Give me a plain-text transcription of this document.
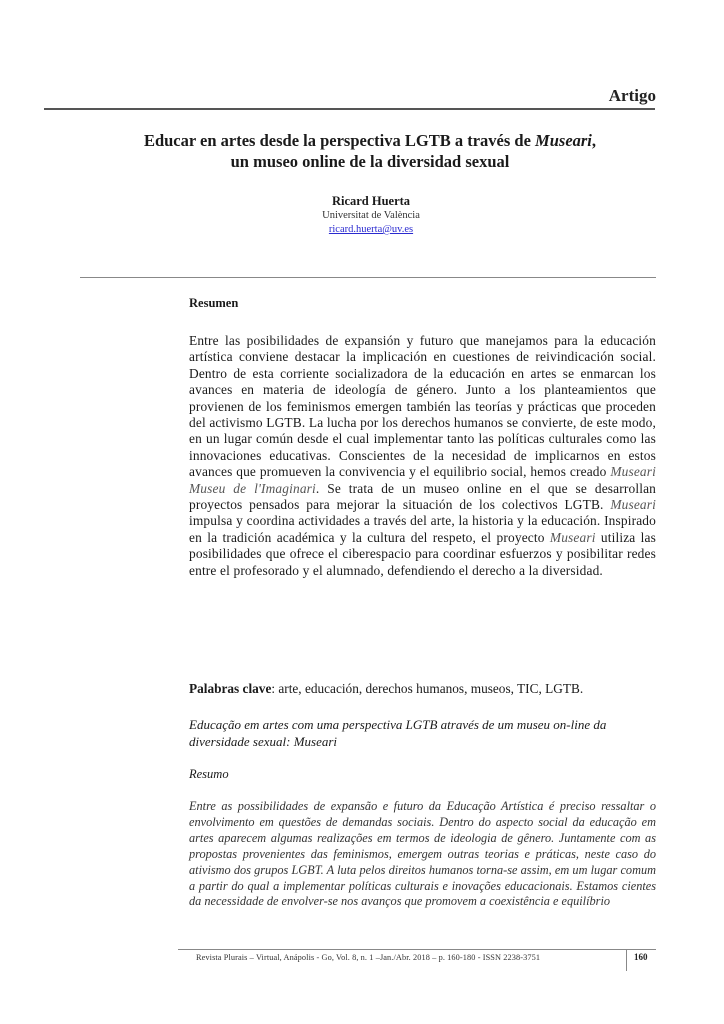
Artigo
Educar en artes desde la perspectiva LGTB a través de Museari,
un museo online de la diversidad sexual
Ricard Huerta
Universitat de València
ricard.huerta@uv.es
Resumen
Entre las posibilidades de expansión y futuro que manejamos para la educación artística conviene destacar la implicación en cuestiones de reivindicación social. Dentro de esta corriente socializadora de la educación en artes se enmarcan los avances en materia de ideología de género. Junto a los planteamientos que provienen de los feminismos emergen también las teorías y prácticas que proceden del activismo LGTB. La lucha por los derechos humanos se convierte, de este modo, en un lugar común desde el cual implementar tanto las políticas culturales como las innovaciones educativas. Conscientes de la necesidad de implicarnos en estos avances que promueven la convivencia y el equilibrio social, hemos creado Museari Museu de l'Imaginari. Se trata de un museo online en el que se desarrollan proyectos pensados para mejorar la situación de los colectivos LGTB. Museari impulsa y coordina actividades a través del arte, la historia y la educación. Inspirado en la tradición académica y la cultura del respeto, el proyecto Museari utiliza las posibilidades que ofrece el ciberespacio para coordinar esfuerzos y posibilitar redes entre el profesorado y el alumnado, defendiendo el derecho a la diversidad.
Palabras clave: arte, educación, derechos humanos, museos, TIC, LGTB.
Educação em artes com uma perspectiva LGTB através de um museu on-line da diversidade sexual: Museari
Resumo
Entre as possibilidades de expansão e futuro da Educação Artística é preciso ressaltar o envolvimento em questões de demandas sociais. Dentro do aspecto social da educação em artes aparecem algumas realizações em termos de ideologia de gênero. Juntamente com as propostas provenientes das feminismos, emergem outras teorias e práticas, neste caso do ativismo dos grupos LGBT. A luta pelos direitos humanos torna-se assim, em um lugar comum a partir do qual a implementar políticas culturais e inovações educacionais. Estamos cientes da necessidade de envolver-se nos avanços que promovem a coexistência e equilíbrio
Revista Plurais – Virtual, Anápolis - Go, Vol. 8, n. 1 –Jan./Abr. 2018 – p. 160-180 - ISSN 2238-3751	160
